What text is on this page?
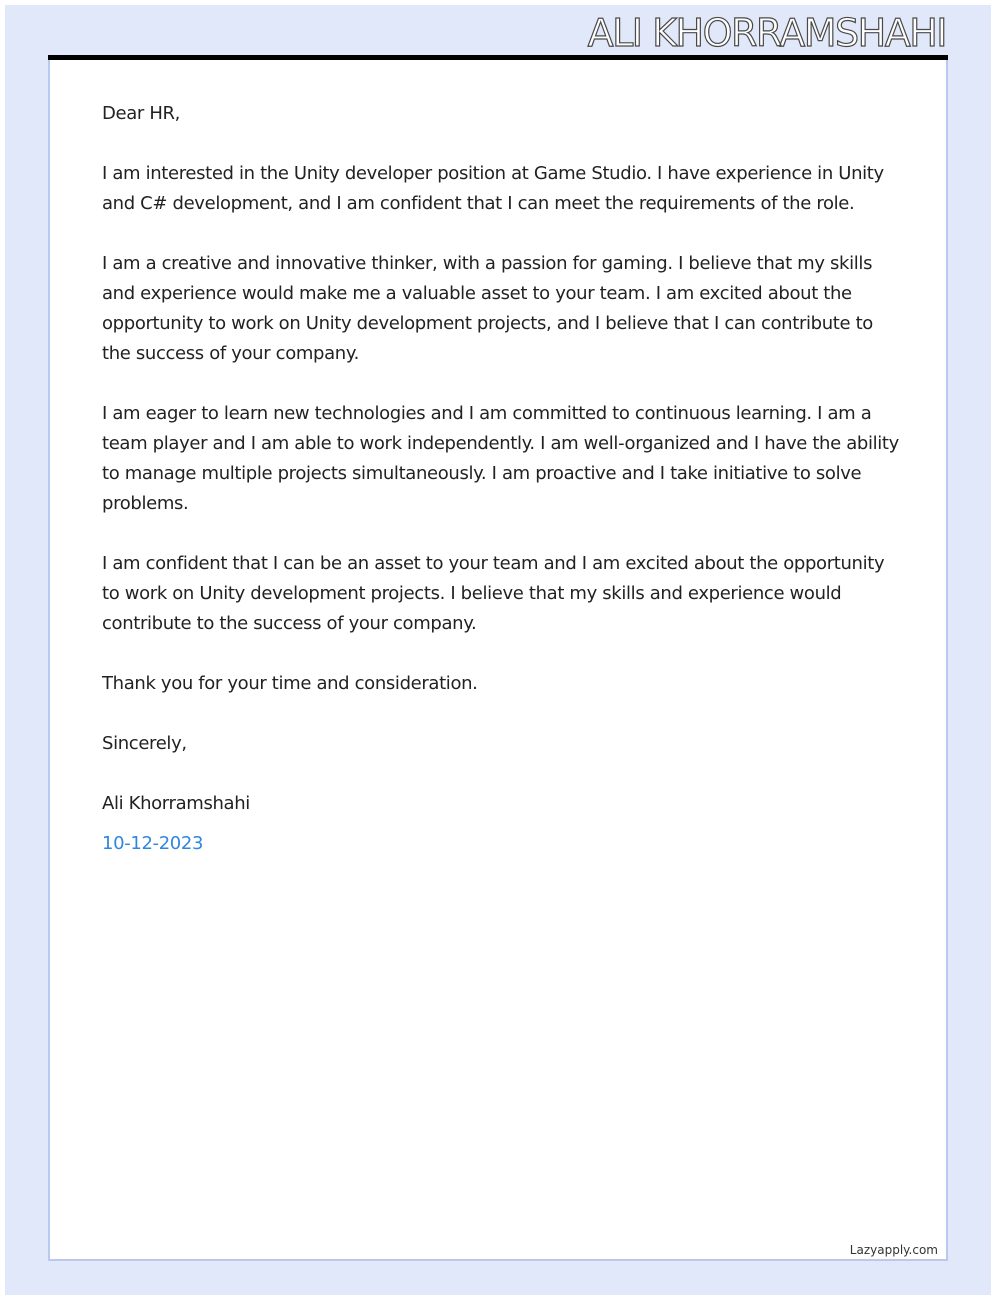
ALI KHORRAMSHAHI

Dear HR,

I am interested in the Unity developer position at Game Studio. I have experience in Unity and C# development, and I am confident that I can meet the requirements of the role.

I am a creative and innovative thinker, with a passion for gaming. I believe that my skills and experience would make me a valuable asset to your team. I am excited about the opportunity to work on Unity development projects, and I believe that I can contribute to the success of your company.

I am eager to learn new technologies and I am committed to continuous learning. I am a team player and I am able to work independently. I am well-organized and I have the ability to manage multiple projects simultaneously. I am proactive and I take initiative to solve problems.

I am confident that I can be an asset to your team and I am excited about the opportunity to work on Unity development projects. I believe that my skills and experience would contribute to the success of your company.

Thank you for your time and consideration.

Sincerely,

Ali Khorramshahi

10-12-2023

Lazyapply.com
